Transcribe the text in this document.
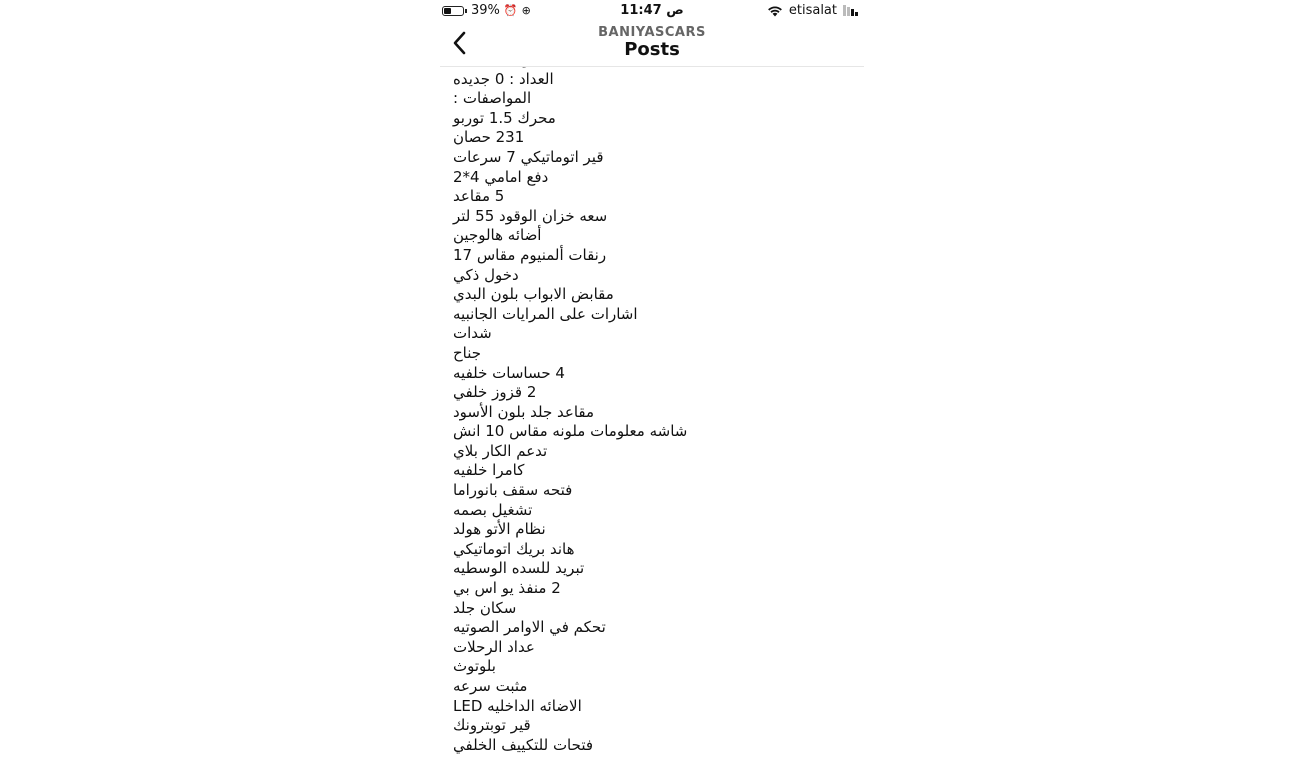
39% ⏰ ⊕	11:47 ص	etisalat
BANIYASCARS
Posts
العداد : 0 جديده
المواصفات :
محرك 1.5 توربو
231 حصان
قير اتوماتيكي 7 سرعات
دفع امامي 4*2
5 مقاعد
سعه خزان الوقود 55 لتر
أضائه هالوجين
رنقات ألمنيوم مقاس 17
دخول ذكي
مقابض الابواب بلون البدي
اشارات على المرايات الجانبيه
شدات
جناح
4 حساسات خلفيه
2 قزوز خلفي
مقاعد جلد بلون الأسود
شاشه معلومات ملونه مقاس 10 انش
تدعم الكار بلاي
كامرا خلفيه
فتحه سقف بانوراما
تشغيل بصمه
نظام الأتو هولد
هاند بريك اتوماتيكي
تبريد للسده الوسطيه
2 منفذ يو اس بي
سكان جلد
تحكم في الاوامر الصوتيه
عداد الرحلات
بلوتوث
مثبت سرعه
الاضائه الداخليه LED
قير توبترونك
فتحات للتكييف الخلفي
